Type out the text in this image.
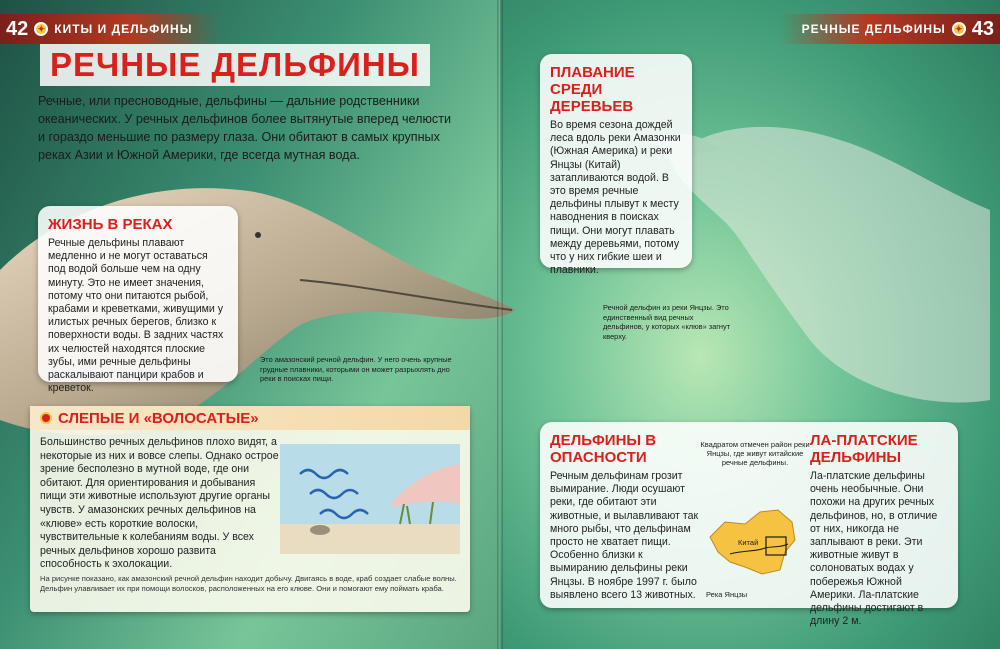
42	✦ КИТЫ И ДЕЛЬФИНЫ	РЕЧНЫЕ ДЕЛЬФИНЫ	✦ 43
РЕЧНЫЕ ДЕЛЬФИНЫ

Речные, или пресноводные, дельфины — дальние родственники океанических. У речных дельфинов более вытянутые вперед челюсти и гораздо меньшие по размеру глаза. Они обитают в самых крупных реках Азии и Южной Америки, где всегда мутная вода.

ЖИЗНЬ В РЕКАХ

Речные дельфины плавают медленно и не могут оставаться под водой больше чем на одну минуту. Это не имеет значения, потому что они питаются рыбой, крабами и креветками, живущими у илистых речных берегов, близко к поверхности воды. В задних частях их челюстей находятся плоские зубы, ими речные дельфины раскалывают панцири крабов и креветок.

Это амазонский речной дельфин. У него очень крупные грудные плавники, которыми он может разрыхлять дно реки в поисках пищи.

СЛЕПЫЕ И «ВОЛОСАТЫЕ»

Большинство речных дельфинов плохо видят, а некоторые из них и вовсе слепы. Однако острое зрение бесполезно в мутной воде, где они обитают. Для ориентирования и добывания пищи эти животные используют другие органы чувств. У амазонских речных дельфинов на «клюве» есть короткие волоски, чувствительные к колебаниям воды. У всех речных дельфинов хорошо развита способность к эхолокации.

На рисунке показано, как амазонский речной дельфин находит добычу. Двигаясь в воде, краб создает слабые волны. Дельфин улавливает их при помощи волосков, расположенных на его клюве. Они и помогают ему поймать краба.

ПЛАВАНИЕ СРЕДИ ДЕРЕВЬЕВ

Во время сезона дождей леса вдоль реки Амазонки (Южная Америка) и реки Янцзы (Китай) затапливаются водой. В это время речные дельфины плывут к месту наводнения в поисках пищи. Они могут плавать между деревьями, потому что у них гибкие шеи и плавники.

Речной дельфин из реки Янцзы. Это единственный вид речных дельфинов, у которых «клюв» загнут кверху.

ДЕЛЬФИНЫ В ОПАСНОСТИ

Речным дельфинам грозит вымирание. Люди осушают реки, где обитают эти животные, и вылавливают так много рыбы, что дельфинам просто не хватает пищи. Особенно близки к вымиранию дельфины реки Янцзы. В ноябре 1997 г. было выявлено всего 13 животных.

Квадратом отмечен район реки Янцзы, где живут китайские речные дельфины.

Китай
Река Янцзы
ЛА-ПЛАТСКИЕ ДЕЛЬФИНЫ

Ла-платские дельфины очень необычные. Они похожи на других речных дельфинов, но, в отличие от них, никогда не заплывают в реки. Эти животные живут в солоноватых водах у побережья Южной Америки. Ла-платские дельфины достигают в длину 2 м.
